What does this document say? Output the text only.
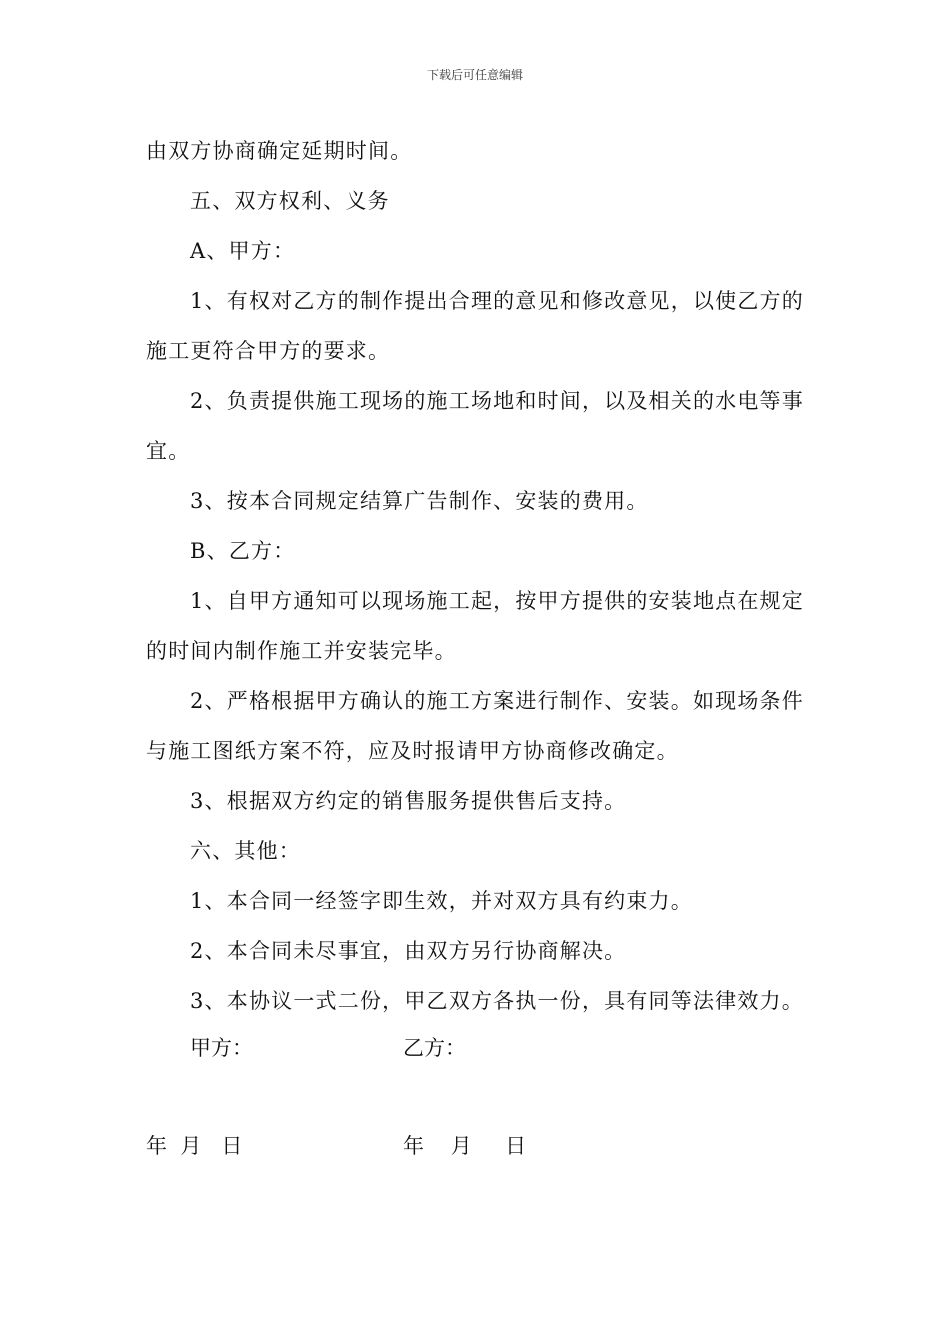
下载后可任意编辑
由双方协商确定延期时间。
五、双方权利、义务
A、甲方：
1、有权对乙方的制作提出合理的意见和修改意见，以使乙方的
施工更符合甲方的要求。
2、负责提供施工现场的施工场地和时间，以及相关的水电等事
宜。
3、按本合同规定结算广告制作、安装的费用。
B、乙方：
1、自甲方通知可以现场施工起，按甲方提供的安装地点在规定
的时间内制作施工并安装完毕。
2、严格根据甲方确认的施工方案进行制作、安装。如现场条件
与施工图纸方案不符，应及时报请甲方协商修改确定。
3、根据双方约定的销售服务提供售后支持。
六、其他：
1、本合同一经签字即生效，并对双方具有约束力。
2、本合同未尽事宜，由双方另行协商解决。
3、本协议一式二份，甲乙双方各执一份，具有同等法律效力。
甲方：	乙方：
年  月   日	年    月     日
